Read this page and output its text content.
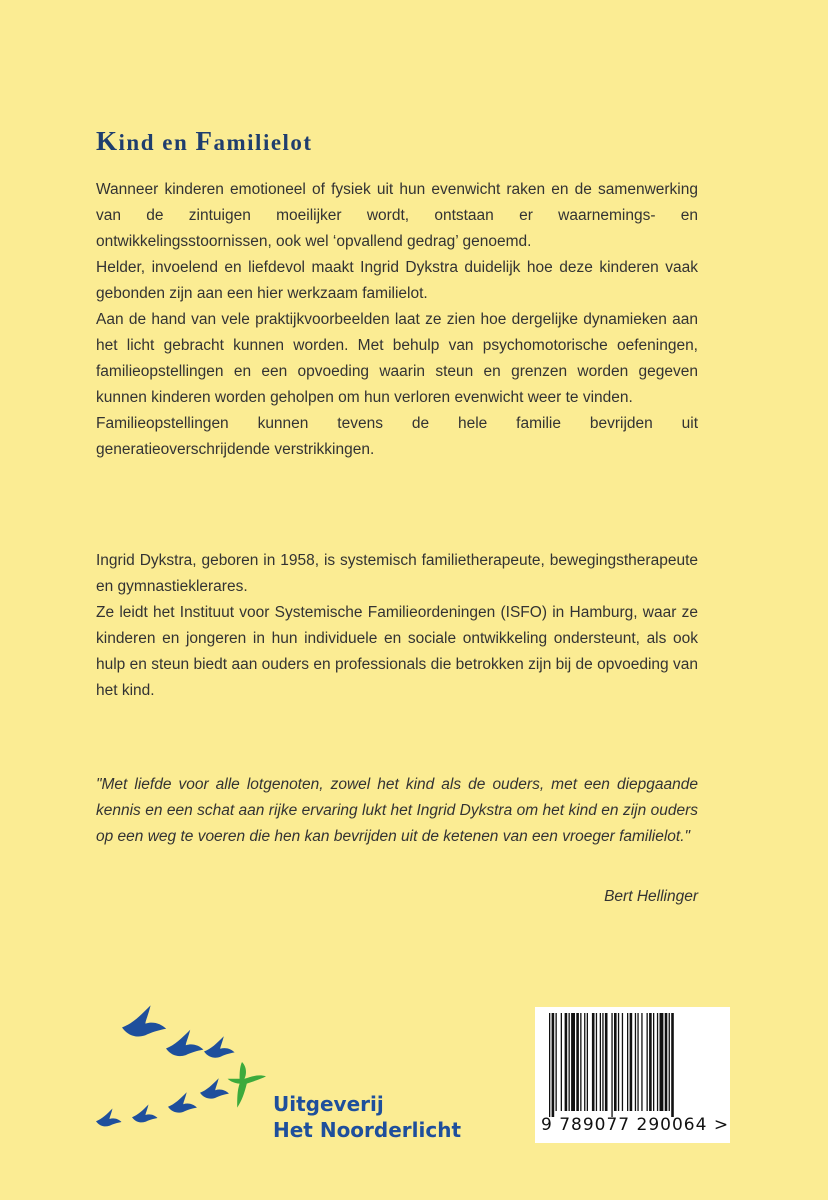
Kind en Familielot

Wanneer kinderen emotioneel of fysiek uit hun evenwicht raken en de samenwerking van de zintuigen moeilijker wordt, ontstaan er waarnemings- en ontwikkelingsstoornissen, ook wel ‘opvallend gedrag’ genoemd.

Helder, invoelend en liefdevol maakt Ingrid Dykstra duidelijk hoe deze kinderen vaak gebonden zijn aan een hier werkzaam familielot.

Aan de hand van vele praktijkvoorbeelden laat ze zien hoe dergelijke dynamieken aan het licht gebracht kunnen worden. Met behulp van psychomotorische oefeningen, familieopstellingen en een opvoeding waarin steun en grenzen worden gegeven kunnen kinderen worden geholpen om hun verloren evenwicht weer te vinden.

Familieopstellingen kunnen tevens de hele familie bevrijden uit generatieoverschrijdende verstrikkingen.

Ingrid Dykstra, geboren in 1958, is systemisch familietherapeute, bewegingstherapeute en gymnastieklerares.

Ze leidt het Instituut voor Systemische Familieordeningen (ISFO) in Hamburg, waar ze kinderen en jongeren in hun individuele en sociale ontwikkeling ondersteunt, als ook hulp en steun biedt aan ouders en professionals die betrokken zijn bij de opvoeding van het kind.

"Met liefde voor alle lotgenoten, zowel het kind als de ouders, met een diepgaande kennis en een schat aan rijke ervaring lukt het Ingrid Dykstra om het kind en zijn ouders op een weg te voeren die hen kan bevrijden uit de ketenen van een vroeger familielot."

Bert Hellinger
Uitgeverij
Het Noorderlicht	9 789077 290064 >
